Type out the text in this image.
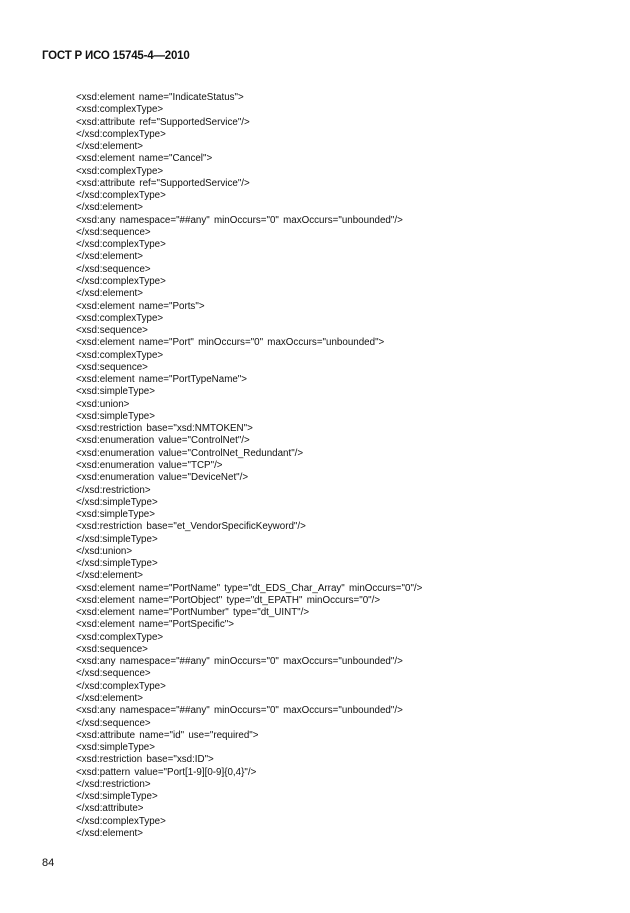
ГОСТ Р ИСО 15745-4—2010
<xsd:element name="IndicateStatus">
<xsd:complexType>
<xsd:attribute ref="SupportedService"/>
</xsd:complexType>
</xsd:element>
<xsd:element name="Cancel">
<xsd:complexType>
<xsd:attribute ref="SupportedService"/>
</xsd:complexType>
</xsd:element>
<xsd:any namespace="##any" minOccurs="0" maxOccurs="unbounded"/>
</xsd:sequence>
</xsd:complexType>
</xsd:element>
</xsd:sequence>
</xsd:complexType>
</xsd:element>
<xsd:element name="Ports">
<xsd:complexType>
<xsd:sequence>
<xsd:element name="Port" minOccurs="0" maxOccurs="unbounded">
<xsd:complexType>
<xsd:sequence>
<xsd:element name="PortTypeName">
<xsd:simpleType>
<xsd:union>
<xsd:simpleType>
<xsd:restriction base="xsd:NMTOKEN">
<xsd:enumeration value="ControlNet"/>
<xsd:enumeration value="ControlNet_Redundant"/>
<xsd:enumeration value="TCP"/>
<xsd:enumeration value="DeviceNet"/>
</xsd:restriction>
</xsd:simpleType>
<xsd:simpleType>
<xsd:restriction base="et_VendorSpecificKeyword"/>
</xsd:simpleType>
</xsd:union>
</xsd:simpleType>
</xsd:element>
<xsd:element name="PortName" type="dt_EDS_Char_Array" minOccurs="0"/>
<xsd:element name="PortObject" type="dt_EPATH" minOccurs="0"/>
<xsd:element name="PortNumber" type="dt_UINT"/>
<xsd:element name="PortSpecific">
<xsd:complexType>
<xsd:sequence>
<xsd:any namespace="##any" minOccurs="0" maxOccurs="unbounded"/>
</xsd:sequence>
</xsd:complexType>
</xsd:element>
<xsd:any namespace="##any" minOccurs="0" maxOccurs="unbounded"/>
</xsd:sequence>
<xsd:attribute name="id" use="required">
<xsd:simpleType>
<xsd:restriction base="xsd:ID">
<xsd:pattern value="Port[1-9][0-9]{0,4}"/>
</xsd:restriction>
</xsd:simpleType>
</xsd:attribute>
</xsd:complexType>
</xsd:element>
84
